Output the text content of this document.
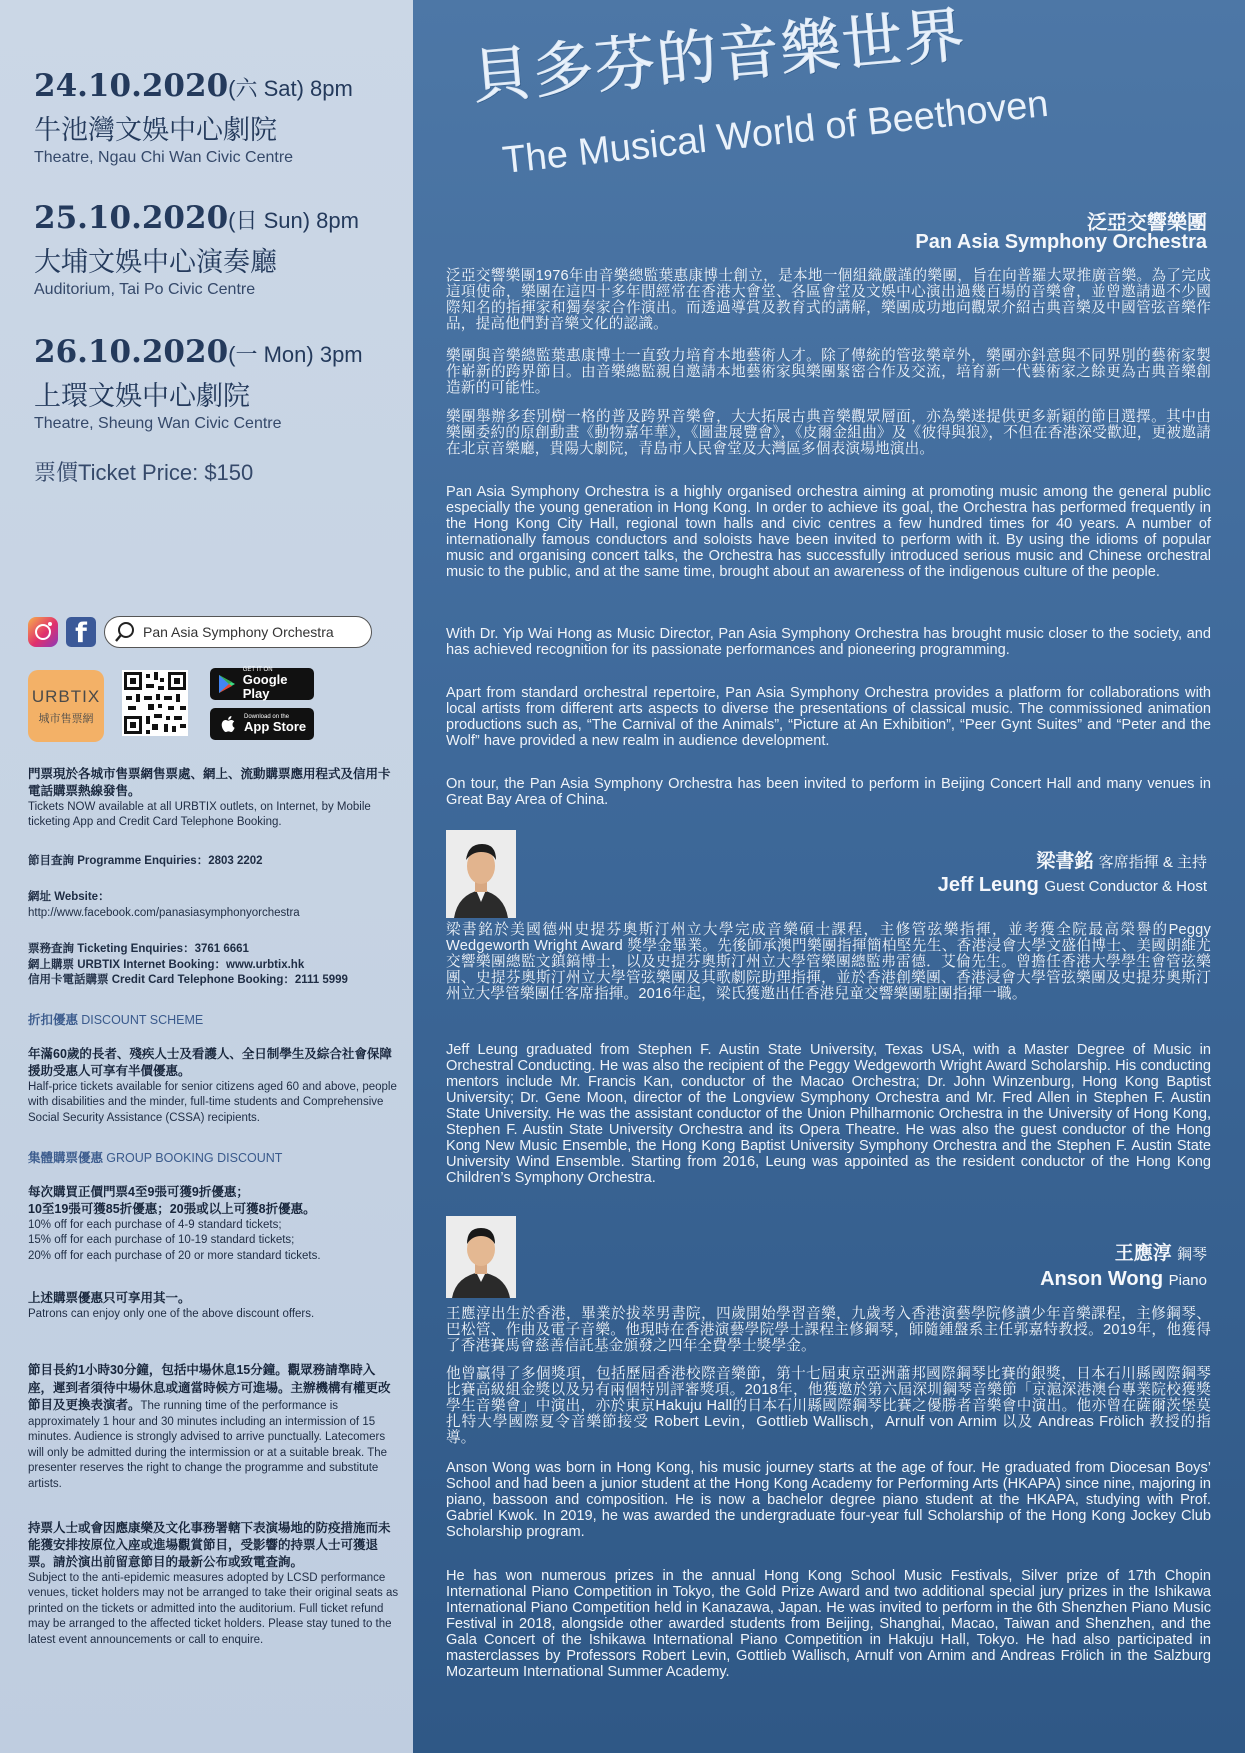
24.10.2020(六 Sat) 8pm
牛池灣文娛中心劇院
Theatre, Ngau Chi Wan Civic Centre
25.10.2020(日 Sun) 8pm
大埔文娛中心演奏廳
Auditorium, Tai Po Civic Centre
26.10.2020(一 Mon) 3pm
上環文娛中心劇院
Theatre, Sheung Wan Civic Centre
票價Ticket Price: $150
f	Pan Asia Symphony Orchestra
URBTIX
城市售票網
GET IT ON
Google Play
Download on the
App Store
門票現於各城市售票網售票處、網上、流動購票應用程式及信用卡電話購票熱線發售。
Tickets NOW available at all URBTIX outlets, on Internet, by Mobile ticketing App and Credit Card Telephone Booking.
節目查詢 Programme Enquiries：2803 2202
網址 Website：
http://www.facebook.com/panasiasymphonyorchestra
票務查詢 Ticketing Enquiries：3761 6661
網上購票 URBTIX Internet Booking：www.urbtix.hk
信用卡電話購票 Credit Card Telephone Booking：2111 5999
折扣優惠 DISCOUNT SCHEME
年滿60歲的長者、殘疾人士及看護人、全日制學生及綜合社會保障援助受惠人可享有半價優惠。
Half-price tickets available for senior citizens aged 60 and above, people with disabilities and the minder, full-time students and Comprehensive Social Security Assistance (CSSA) recipients.
集體購票優惠 GROUP BOOKING DISCOUNT
每次購買正價門票4至9張可獲9折優惠；
10至19張可獲85折優惠；20張或以上可獲8折優惠。
10% off for each purchase of 4-9 standard tickets;
15% off for each purchase of 10-19 standard tickets;
20% off for each purchase of 20 or more standard tickets.
上述購票優惠只可享用其一。
Patrons can enjoy only one of the above discount offers.
節目長約1小時30分鐘，包括中場休息15分鐘。觀眾務請準時入座，遲到者須待中場休息或適當時候方可進場。主辦機構有權更改節目及更換表演者。The running time of the performance is approximately 1 hour and 30 minutes including an intermission of 15 minutes. Audience is strongly advised to arrive punctually. Latecomers will only be admitted during the intermission or at a suitable break. The presenter reserves the right to change the programme and substitute artists.
持票人士或會因應康樂及文化事務署轄下表演場地的防疫措施而未能獲安排按原位入座或進場觀賞節目，受影響的持票人士可獲退票。請於演出前留意節目的最新公布或致電查詢。
Subject to the anti-epidemic measures adopted by LCSD performance venues, ticket holders may not be arranged to take their original seats as printed on the tickets or admitted into the auditorium. Full ticket refund may be arranged to the affected ticket holders. Please stay tuned to the latest event announcements or call to enquire.
貝多芬的音樂世界
The Musical World of Beethoven
泛亞交響樂團
Pan Asia Symphony Orchestra
泛亞交響樂團1976年由音樂總監葉惠康博士創立，是本地一個組織嚴謹的樂團，旨在向普羅大眾推廣音樂。為了完成這項使命，樂團在這四十多年間經常在香港大會堂、各區會堂及文娛中心演出過幾百場的音樂會，並曾邀請過不少國際知名的指揮家和獨奏家合作演出。而透過導賞及教育式的講解，樂團成功地向觀眾介紹古典音樂及中國管弦音樂作品，提高他們對音樂文化的認識。
樂團與音樂總監葉惠康博士一直致力培育本地藝術人才。除了傳統的管弦樂章外，樂團亦鈄意與不同界別的藝術家製作嶄新的跨界節目。由音樂總監親自邀請本地藝術家與樂團緊密合作及交流，培育新一代藝術家之餘更為古典音樂創造新的可能性。
樂團舉辦多套別樹一格的普及跨界音樂會，大大拓展古典音樂觀眾層面，亦為樂迷提供更多新穎的節目選擇。其中由樂團委約的原創動畫《動物嘉年華》，《圖畫展覽會》，《皮爾金組曲》及《彼得與狼》，不但在香港深受歡迎，更被邀請在北京音樂廳，貴陽大劇院，青島市人民會堂及大灣區多個表演場地演出。
Pan Asia Symphony Orchestra is a highly organised orchestra aiming at promoting music among the general public especially the young generation in Hong Kong. In order to achieve its goal, the Orchestra has performed frequently in the Hong Kong City Hall, regional town halls and civic centres a few hundred times for 40 years. A number of internationally famous conductors and soloists have been invited to perform with it. By using the idioms of popular music and organising concert talks, the Orchestra has successfully introduced serious music and Chinese orchestral music to the public, and at the same time, brought about an awareness of the indigenous culture of the people.
With Dr. Yip Wai Hong as Music Director, Pan Asia Symphony Orchestra has brought music closer to the society, and has achieved recognition for its passionate performances and pioneering programming.
Apart from standard orchestral repertoire, Pan Asia Symphony Orchestra provides a platform for collaborations with local artists from different arts aspects to diverse the presentations of classical music. The commissioned animation productions such as, “The Carnival of the Animals”, “Picture at An Exhibition”, “Peer Gynt Suites” and “Peter and the Wolf” have provided a new realm in audience development.
On tour, the Pan Asia Symphony Orchestra has been invited to perform in Beijing Concert Hall and many venues in Great Bay Area of China.
梁書銘 客席指揮 & 主持
Jeff Leung Guest Conductor & Host
梁書銘於美國德州史提芬奧斯汀州立大學完成音樂碩士課程，主修管弦樂指揮，並考獲全院最高榮譽的Peggy Wedgeworth Wright Award 獎學金畢業。先後師承澳門樂團指揮簡柏堅先生、香港浸會大學文盛伯博士、美國朗維尤交響樂團總監文鎮鎬博士，以及史提芬奧斯汀州立大學管樂團總監弗雷德．艾倫先生。曾擔任香港大學學生會管弦樂團、史提芬奧斯汀州立大學管弦樂團及其歌劇院助理指揮，並於香港創樂團、香港浸會大學管弦樂團及史提芬奧斯汀州立大學管樂團任客席指揮。2016年起，梁氏獲邀出任香港兒童交響樂團駐團指揮一職。
Jeff Leung graduated from Stephen F. Austin State University, Texas USA, with a Master Degree of Music in Orchestral Conducting. He was also the recipient of the Peggy Wedgeworth Wright Award Scholarship. His conducting mentors include Mr. Francis Kan, conductor of the Macao Orchestra; Dr. John Winzenburg, Hong Kong Baptist University; Dr. Gene Moon, director of the Longview Symphony Orchestra and Mr. Fred Allen in Stephen F. Austin State University. He was the assistant conductor of the Union Philharmonic Orchestra in the University of Hong Kong, Stephen F. Austin State University Orchestra and its Opera Theatre. He was also the guest conductor of the Hong Kong New Music Ensemble, the Hong Kong Baptist University Symphony Orchestra and the Stephen F. Austin State University Wind Ensemble. Starting from 2016, Leung was appointed as the resident conductor of the Hong Kong Children’s Symphony Orchestra.
王應淳 鋼琴
Anson Wong Piano
王應淳出生於香港，畢業於拔萃男書院，四歲開始學習音樂，九歲考入香港演藝學院修讀少年音樂課程，主修鋼琴、巴松管、作曲及電子音樂。他現時在香港演藝學院學士課程主修鋼琴，師隨鍾盤系主任郭嘉特教授。2019年，他獲得了香港賽馬會慈善信託基金頒發之四年全費學士獎學金。
他曾贏得了多個獎項，包括歷屆香港校際音樂節，第十七屆東京亞洲蕭邦國際鋼琴比賽的銀獎，日本石川縣國際鋼琴比賽高級組金獎以及另有兩個特別評審獎項。2018年，他獲邀於第六屆深圳鋼琴音樂節「京滬深港澳台專業院校獲獎學生音樂會」中演出，亦於東京Hakuju Hall的日本石川縣國際鋼琴比賽之優勝者音樂會中演出。他亦曾在薩爾茨堡莫扎特大學國際夏令音樂節接受 Robert Levin，Gottlieb Wallisch，Arnulf von Arnim 以及 Andreas Frölich 教授的指導。
Anson Wong was born in Hong Kong, his music journey starts at the age of four. He graduated from Diocesan Boys’ School and had been a junior student at the Hong Kong Academy for Performing Arts (HKAPA) since nine, majoring in piano, bassoon and composition. He is now a bachelor degree piano student at the HKAPA, studying with Prof. Gabriel Kwok. In 2019, he was awarded the undergraduate four-year full Scholarship of the Hong Kong Jockey Club Scholarship program.
He has won numerous prizes in the annual Hong Kong School Music Festivals, Silver prize of 17th Chopin International Piano Competition in Tokyo, the Gold Prize Award and two additional special jury prizes in the Ishikawa International Piano Competition held in Kanazawa, Japan. He was invited to perform in the 6th Shenzhen Piano Music Festival in 2018, alongside other awarded students from Beijing, Shanghai, Macao, Taiwan and Shenzhen, and the Gala Concert of the Ishikawa International Piano Competition in Hakuju Hall, Tokyo. He had also participated in masterclasses by Professors Robert Levin, Gottlieb Wallisch, Arnulf von Arnim and Andreas Frölich in the Salzburg Mozarteum International Summer Academy.
